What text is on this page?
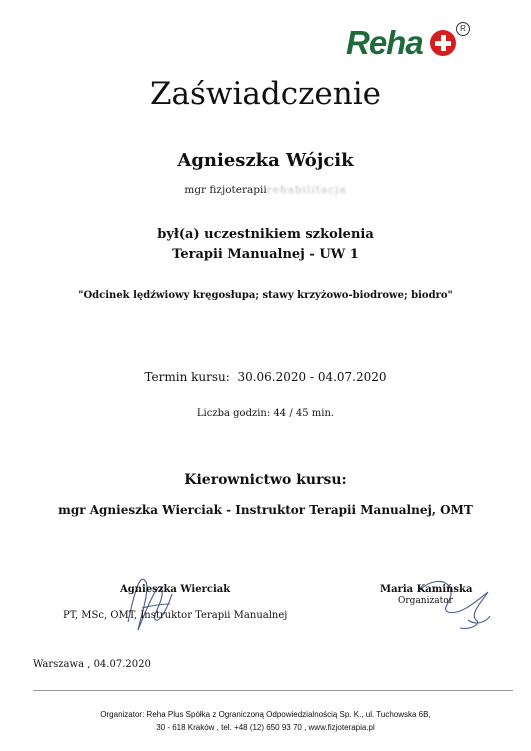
Reha	R
Zaświadczenie
Agnieszka Wójcik
mgr fizjoterapiirehabilitacja
był(a) uczestnikiem szkolenia
Terapii Manualnej - UW 1
"Odcinek lędźwiowy kręgosłupa; stawy krzyżowo-biodrowe; biodro"
Termin kursu: 30.06.2020 - 04.07.2020
Liczba godzin: 44 / 45 min.
Kierownictwo kursu:
mgr Agnieszka Wierciak - Instruktor Terapii Manualnej, OMT
Agnieszka Wierciak
PT, MSc, OMT, Instruktor Terapii Manualnej
Maria Kamińska
Organizator
Warszawa , 04.07.2020
Organizator: Reha Plus Spółka z Ograniczoną Odpowiedzialnością Sp. K., ul. Tuchowska 6B,
30 - 618 Kraków , tel. +48 (12) 650 93 70 , www.fizjoterapia.pl
